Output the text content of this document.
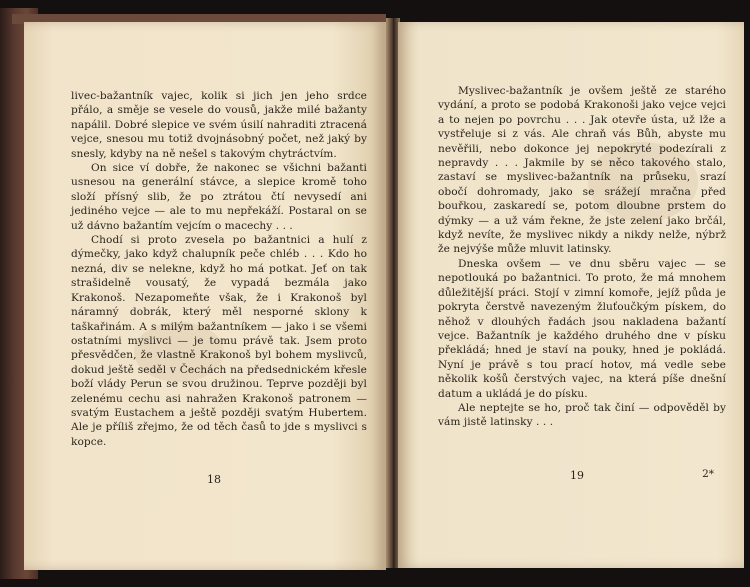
livec-bažantník vajec, kolik si jich jen jeho srdce přálo, a směje se vesele do vousů, jakže milé bažanty napálil. Dobré slepice ve svém úsilí nahraditi ztracená vejce, snesou mu totiž dvojnásobný počet, než jaký by snesly, kdyby na ně nešel s takovým chytráctvím.

On sice ví dobře, že nakonec se všichni bažanti usnesou na generální stávce, a slepice kromě toho složí přísný slib, že po ztrátou čtí nevysedí ani jediného vejce — ale to mu nepřekáží. Postaral on se už dávno bažantím vejcím o macechy . . .

Chodí si proto zvesela po bažantnici a hulí z dýmečky, jako když chalupník peče chléb . . . Kdo ho nezná, div se nelekne, když ho má potkat. Jeť on tak strašidelně vousatý, že vypadá bezmála jako Krakonoš. Nezapomeňte však, že i Krakonoš byl náramný dobrák, který měl nesporné sklony k taškařinám. A s milým bažantníkem — jako i se všemi ostatními myslivci — je tomu právě tak. Jsem proto přesvědčen, že vlastně Krakonoš byl bohem myslivců, dokud ještě seděl v Čechách na předsednickém křesle boží vlády Perun se svou družinou. Teprve později byl zelenému cechu asi nahražen Krakonoš patronem — svatým Eustachem a ještě později svatým Hubertem. Ale je příliš zřejmo, že od těch časů to jde s myslivci s kopce.

18

Myslivec-bažantník je ovšem ještě ze starého vydání, a proto se podobá Krakonoši jako vejce vejci a to nejen po povrchu . . . Jak otevře ústa, už lže a vystřeluje si z vás. Ale chraň vás Bůh, abyste mu nevěřili, nebo dokonce jej nepokryté podezírali z nepravdy . . . Jakmile by se něco takového stalo, zastaví se myslivec-bažantník na průseku, srazí obočí dohromady, jako se srážejí mračna před bouřkou, zaskaredí se, potom dloubne prstem do dýmky — a už vám řekne, že jste zelení jako brčál, když nevíte, že myslivec nikdy a nikdy nelže, nýbrž že nejvýše může mluvit latinsky.

Dneska ovšem — ve dnu sběru vajec — se nepotlouká po bažantnici. To proto, že má mnohem důležitější práci. Stojí v zimní komoře, jejíž půda je pokryta čerstvě navezeným žluťoučkým pískem, do něhož v dlouhých řadách jsou nakladena bažantí vejce. Bažantník je každého druhého dne v písku překládá; hned je staví na pouky, hned je pokládá. Nyní je právě s tou prací hotov, má vedle sebe několik košů čerstvých vajec, na která píše dnešní datum a ukládá je do písku.

Ale neptejte se ho, proč tak činí — odpověděl by vám jistě latinsky . . .

19	2*
